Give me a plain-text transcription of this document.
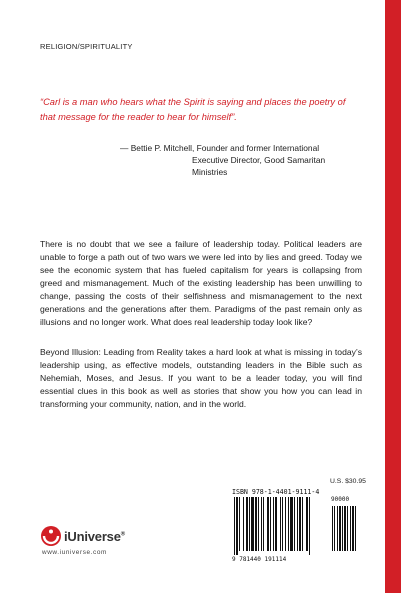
RELIGION/SPIRITUALITY
“Carl is a man who hears what the Spirit is saying and places the poetry of that message for the reader to hear for himself”.
— Bettie P. Mitchell, Founder and former International
Executive Director, Good Samaritan Ministries
There is no doubt that we see a failure of leadership today. Political leaders are unable to forge a path out of two wars we were led into by lies and greed. Today we see the economic system that has fueled capitalism for years is collapsing from greed and mismanagement. Much of the existing leadership has been unwilling to change, passing the costs of their selfishness and mismanagement to the next generations and the generations after them. Paradigms of the past remain only as illusions and no longer work. What does real leadership today look like?
Beyond Illusion: Leading from Reality takes a hard look at what is missing in today’s leadership using, as effective models, outstanding leaders in the Bible such as Nehemiah, Moses, and Jesus. If you want to be a leader today, you will find essential clues in this book as well as stories that show you how you can lead in transforming your community, nation, and in the world.
U.S. $30.95
ISBN 978-1-4401-9111-4
90000
9 781440 191114
iUniverse®
www.iuniverse.com
